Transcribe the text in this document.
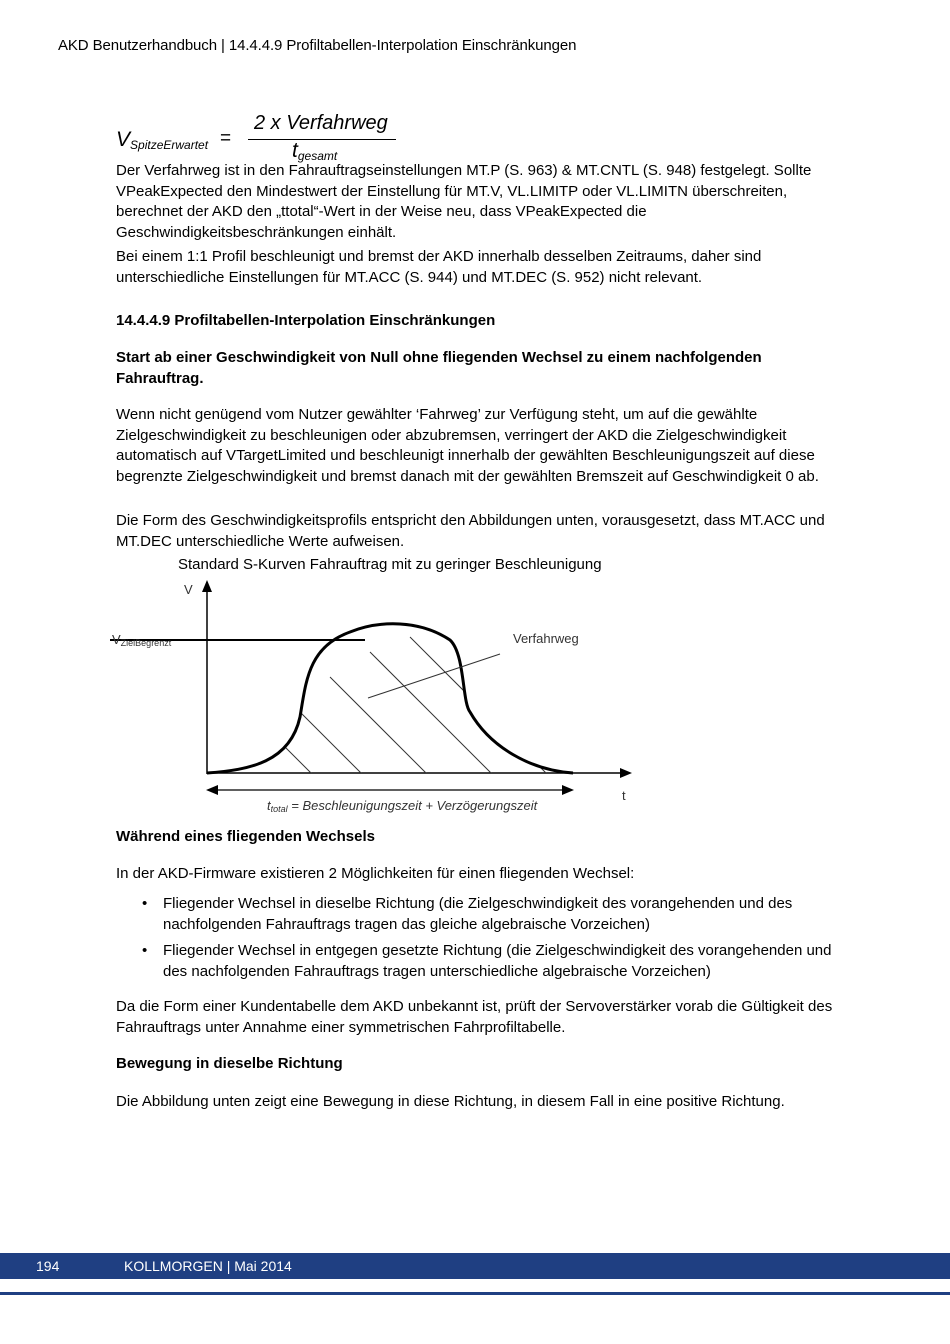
AKD Benutzerhandbuch | 14.4.4.9 Profiltabellen-Interpolation Einschränkungen
$V_{SpitzeErwartet}$ =
2 x Verfahrweg
$t_{gesamt}$

Der Verfahrweg ist in den Fahrauftragseinstellungen MT.P (S. 963) & MT.CNTL (S. 948) festgelegt. Sollte VPeakExpected den Mindestwert der Einstellung für MT.V, VL.LIMITP oder VL.LIMITN überschreiten, berechnet der AKD den „ttotal“-Wert in der Weise neu, dass VPeakExpected die Geschwindigkeitsbeschränkungen einhält.

Bei einem 1:1 Profil beschleunigt und bremst der AKD innerhalb desselben Zeitraums, daher sind unterschiedliche Einstellungen für MT.ACC (S. 944) und MT.DEC (S. 952) nicht relevant.

14.4.4.9 Profiltabellen-Interpolation Einschränkungen

Start ab einer Geschwindigkeit von Null ohne fliegenden Wechsel zu einem nachfolgenden Fahrauftrag.

Wenn nicht genügend vom Nutzer gewählter ‘Fahrweg’ zur Verfügung steht, um auf die gewählte Zielgeschwindigkeit zu beschleunigen oder abzubremsen, verringert der AKD die Zielgeschwindigkeit automatisch auf VTargetLimited und beschleunigt innerhalb der gewählten Beschleunigungszeit auf diese begrenzte Zielgeschwindigkeit und bremst danach mit der gewählten Bremszeit auf Geschwindigkeit 0 ab.

Die Form des Geschwindigkeitsprofils entspricht den Abbildungen unten, vorausgesetzt, dass MT.ACC und MT.DEC unterschiedliche Werte aufweisen.

Standard S-Kurven Fahrauftrag mit zu geringer Beschleunigung
V
t
VZielBegrenzt	Verfahrweg
ttotal = Beschleunigungszeit + Verzögerungszeit

Während eines fliegenden Wechsels

In der AKD-Firmware existieren 2 Möglichkeiten für einen fliegenden Wechsel:

• Fliegender Wechsel in dieselbe Richtung (die Zielgeschwindigkeit des vorangehenden und des nachfolgenden Fahrauftrags tragen das gleiche algebraische Vorzeichen)
• Fliegender Wechsel in entgegen gesetzte Richtung (die Zielgeschwindigkeit des vorangehenden und des nachfolgenden Fahrauftrags tragen unterschiedliche algebraische Vorzeichen)

Da die Form einer Kundentabelle dem AKD unbekannt ist, prüft der Servoverstärker vorab die Gültigkeit des Fahrauftrags unter Annahme einer symmetrischen Fahrprofiltabelle.

Bewegung in dieselbe Richtung

Die Abbildung unten zeigt eine Bewegung in diese Richtung, in diesem Fall in eine positive Richtung.

194	KOLLMORGEN | Mai 2014
